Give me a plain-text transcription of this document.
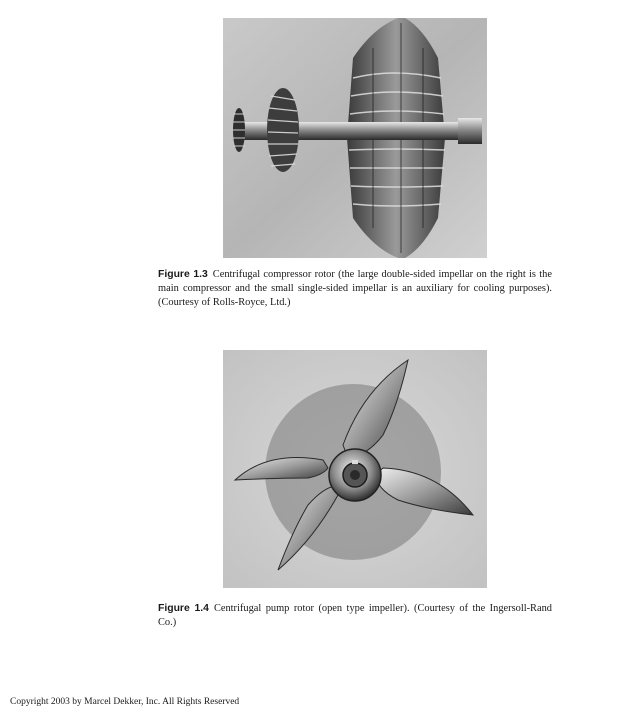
Figure 1.3 Centrifugal compressor rotor (the large double-sided impellar on the right is the main compressor and the small single-sided impellar is an auxiliary for cooling purposes). (Courtesy of Rolls-Royce, Ltd.)

Figure 1.4 Centrifugal pump rotor (open type impeller). (Courtesy of the Ingersoll-Rand Co.)

Copyright 2003 by Marcel Dekker, Inc. All Rights Reserved
